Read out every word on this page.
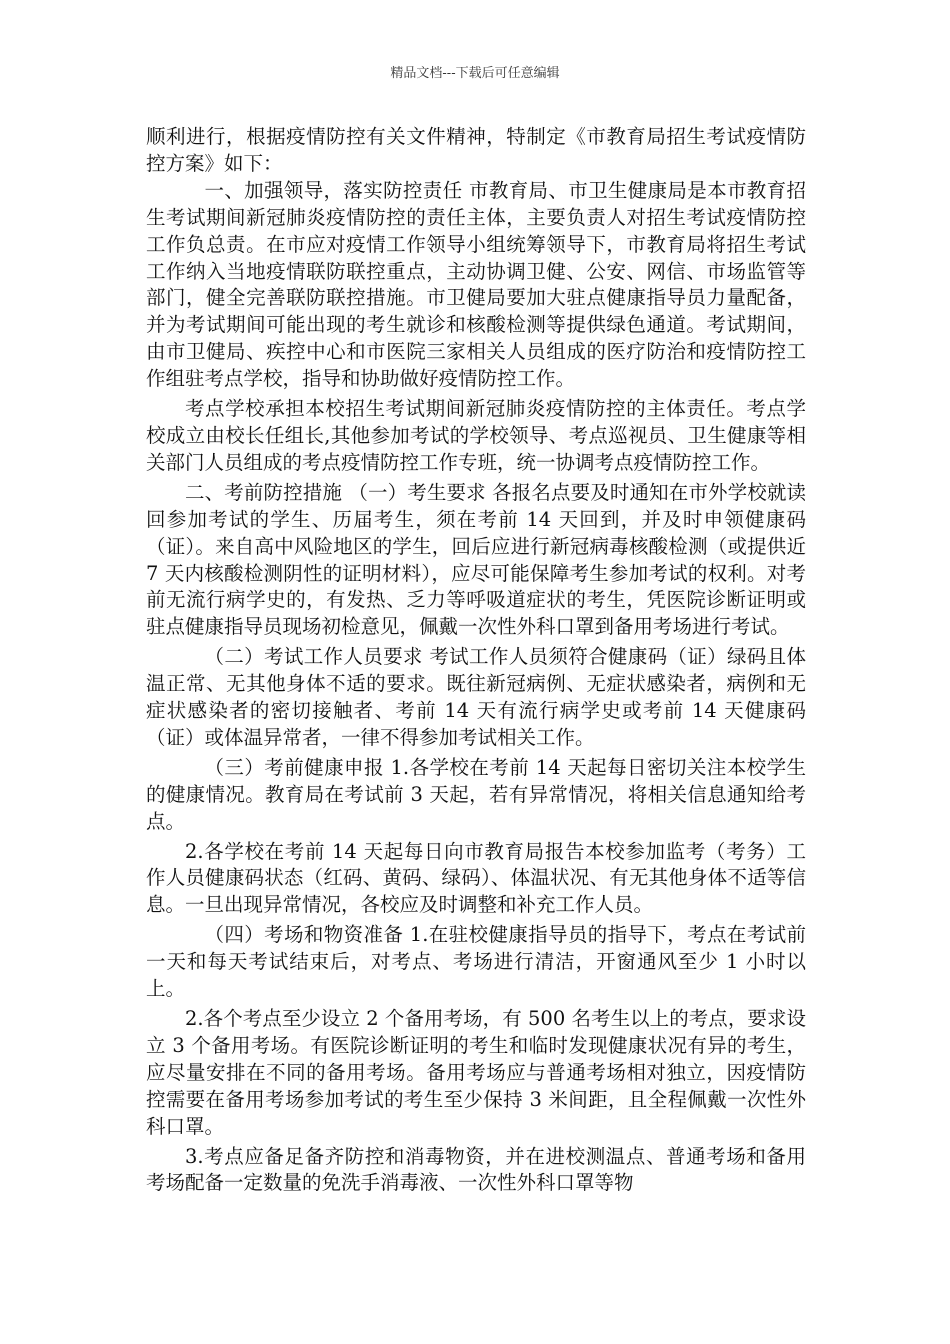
精品文档---下载后可任意编辑

顺利进行，根据疫情防控有关文件精神，特制定《市教育局招生考试疫情防控方案》如下：

一、加强领导，落实防控责任 市教育局、市卫生健康局是本市教育招生考试期间新冠肺炎疫情防控的责任主体，主要负责人对招生考试疫情防控工作负总责。在市应对疫情工作领导小组统筹领导下，市教育局将招生考试工作纳入当地疫情联防联控重点，主动协调卫健、公安、网信、市场监管等部门，健全完善联防联控措施。市卫健局要加大驻点健康指导员力量配备，并为考试期间可能出现的考生就诊和核酸检测等提供绿色通道。考试期间，由市卫健局、疾控中心和市医院三家相关人员组成的医疗防治和疫情防控工作组驻考点学校，指导和协助做好疫情防控工作。

考点学校承担本校招生考试期间新冠肺炎疫情防控的主体责任。考点学校成立由校长任组长,其他参加考试的学校领导、考点巡视员、卫生健康等相关部门人员组成的考点疫情防控工作专班，统一协调考点疫情防控工作。

二、考前防控措施 （一）考生要求 各报名点要及时通知在市外学校就读回参加考试的学生、历届考生，须在考前 14 天回到，并及时申领健康码（证）。来自高中风险地区的学生，回后应进行新冠病毒核酸检测（或提供近 7 天内核酸检测阴性的证明材料），应尽可能保障考生参加考试的权利。对考前无流行病学史的，有发热、乏力等呼吸道症状的考生，凭医院诊断证明或驻点健康指导员现场初检意见，佩戴一次性外科口罩到备用考场进行考试。

（二）考试工作人员要求 考试工作人员须符合健康码（证）绿码且体温正常、无其他身体不适的要求。既往新冠病例、无症状感染者，病例和无症状感染者的密切接触者、考前 14 天有流行病学史或考前 14 天健康码（证）或体温异常者，一律不得参加考试相关工作。

（三）考前健康申报 1.各学校在考前 14 天起每日密切关注本校学生的健康情况。教育局在考试前 3 天起，若有异常情况，将相关信息通知给考点。

2.各学校在考前 14 天起每日向市教育局报告本校参加监考（考务）工作人员健康码状态（红码、黄码、绿码）、体温状况、有无其他身体不适等信息。一旦出现异常情况，各校应及时调整和补充工作人员。

（四）考场和物资准备 1.在驻校健康指导员的指导下，考点在考试前一天和每天考试结束后，对考点、考场进行清洁，开窗通风至少 1 小时以上。

2.各个考点至少设立 2 个备用考场，有 500 名考生以上的考点，要求设立 3 个备用考场。有医院诊断证明的考生和临时发现健康状况有异的考生，应尽量安排在不同的备用考场。备用考场应与普通考场相对独立，因疫情防控需要在备用考场参加考试的考生至少保持 3 米间距，且全程佩戴一次性外科口罩。

3.考点应备足备齐防控和消毒物资，并在进校测温点、普通考场和备用考场配备一定数量的免洗手消毒液、一次性外科口罩等物
